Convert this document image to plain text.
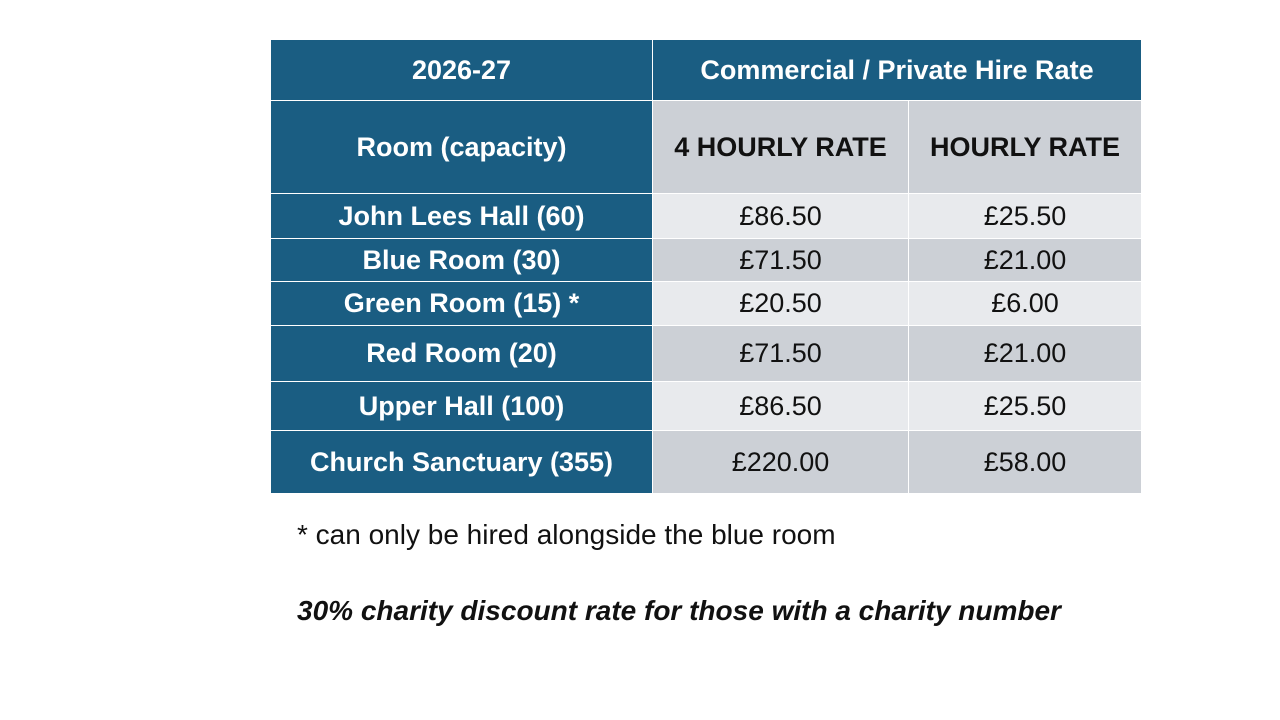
2026-27	Commercial / Private Hire Rate	
Room (capacity)	4 HOURLY RATE	HOURLY RATE
John Lees Hall (60)	£86.50	£25.50
Blue Room (30)	£71.50	£21.00
Green Room (15) *	£20.50	£6.00
Red Room (20)	£71.50	£21.00
Upper Hall (100)	£86.50	£25.50
Church Sanctuary (355)	£220.00	£58.00

* can only be hired alongside the blue room

30% charity discount rate for those with a charity number
